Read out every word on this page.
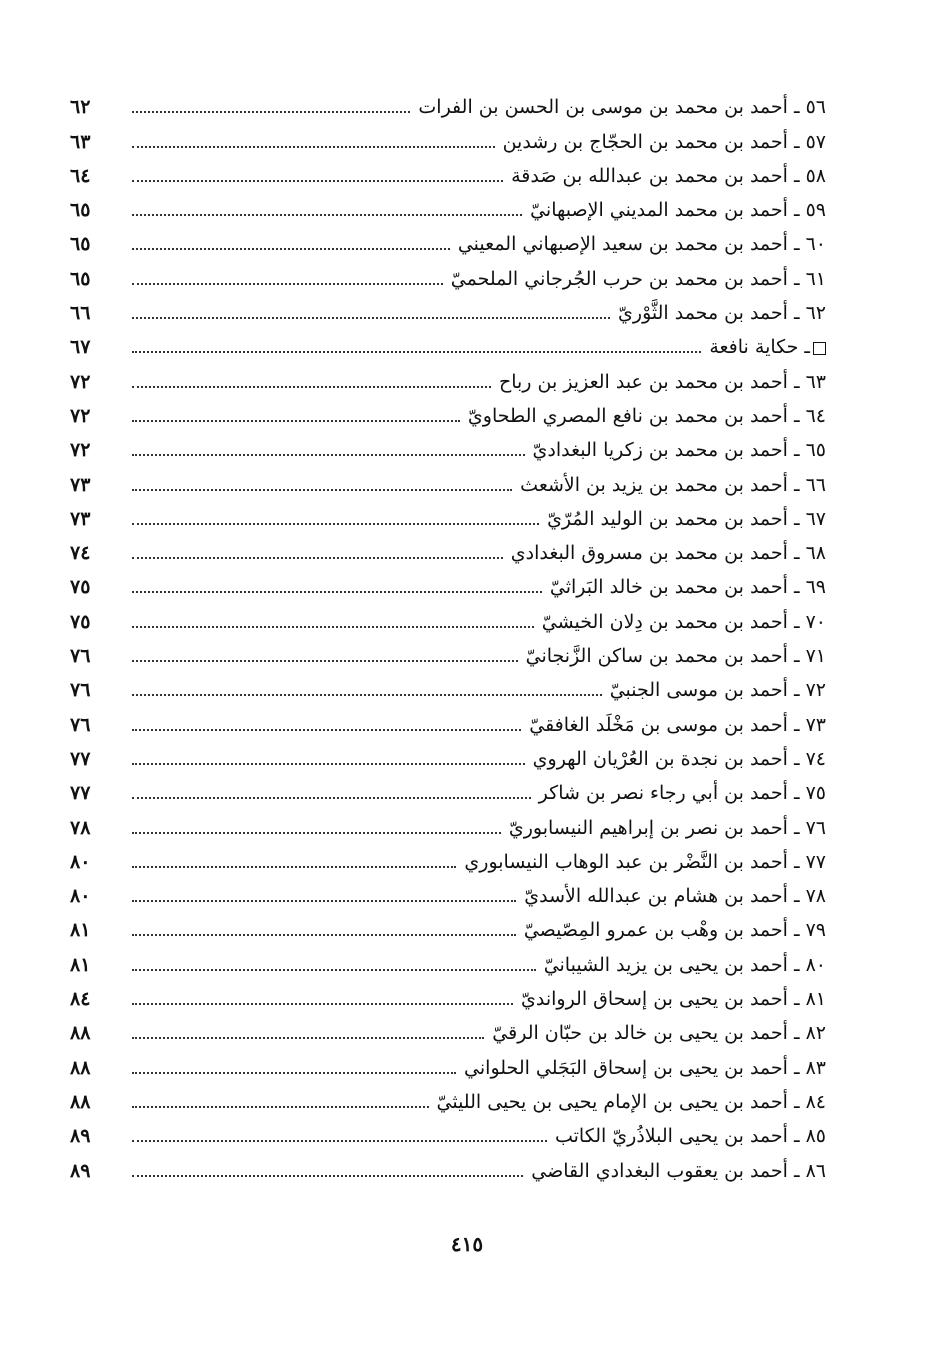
٥٦ ـ أحمد بن محمد بن موسى بن الحسن بن الفرات
٦٢
٥٧ ـ أحمد بن محمد بن الحجّاج بن رشدين
٦٣
٥٨ ـ أحمد بن محمد بن عبدالله بن صَدقة
٦٤
٥٩ ـ أحمد بن محمد المديني الإصبهانيّ
٦٥
٦٠ ـ أحمد بن محمد بن سعيد الإصبهاني المعيني
٦٥
٦١ ـ أحمد بن محمد بن حرب الجُرجاني الملحميّ
٦٥
٦٢ ـ أحمد بن محمد الثَّوْريّ
٦٦
ـ حكاية نافعة
٦٧
٦٣ ـ أحمد بن محمد بن عبد العزيز بن رباح
٧٢
٦٤ ـ أحمد بن محمد بن نافع المصري الطحاويّ
٧٢
٦٥ ـ أحمد بن محمد بن زكريا البغداديّ
٧٢
٦٦ ـ أحمد بن محمد بن يزيد بن الأشعث
٧٣
٦٧ ـ أحمد بن محمد بن الوليد المُرّيّ
٧٣
٦٨ ـ أحمد بن محمد بن مسروق البغدادي
٧٤
٦٩ ـ أحمد بن محمد بن خالد البَراثيّ
٧٥
٧٠ ـ أحمد بن محمد بن دِلان الخيشيّ
٧٥
٧١ ـ أحمد بن محمد بن ساكن الزَّنجانيّ
٧٦
٧٢ ـ أحمد بن موسى الجنبيّ
٧٦
٧٣ ـ أحمد بن موسى بن مَخْلَد الغافقيّ
٧٦
٧٤ ـ أحمد بن نجدة بن العُرْيان الهروي
٧٧
٧٥ ـ أحمد بن أبي رجاء نصر بن شاكر
٧٧
٧٦ ـ أحمد بن نصر بن إبراهيم النيسابوريّ
٧٨
٧٧ ـ أحمد بن النَّضْر بن عبد الوهاب النيسابوري
٨٠
٧٨ ـ أحمد بن هشام بن عبدالله الأسديّ
٨٠
٧٩ ـ أحمد بن وهْب بن عمرو المِصّيصيّ
٨١
٨٠ ـ أحمد بن يحيى بن يزيد الشيبانيّ
٨١
٨١ ـ أحمد بن يحيى بن إسحاق الروانديّ
٨٤
٨٢ ـ أحمد بن يحيى بن خالد بن حبّان الرقيّ
٨٨
٨٣ ـ أحمد بن يحيى بن إسحاق البَجَلي الحلواني
٨٨
٨٤ ـ أحمد بن يحيى بن الإمام يحيى بن يحيى الليثيّ
٨٨
٨٥ ـ أحمد بن يحيى البلاذُريّ الكاتب
٨٩
٨٦ ـ أحمد بن يعقوب البغدادي القاضي
٨٩
٤١٥
